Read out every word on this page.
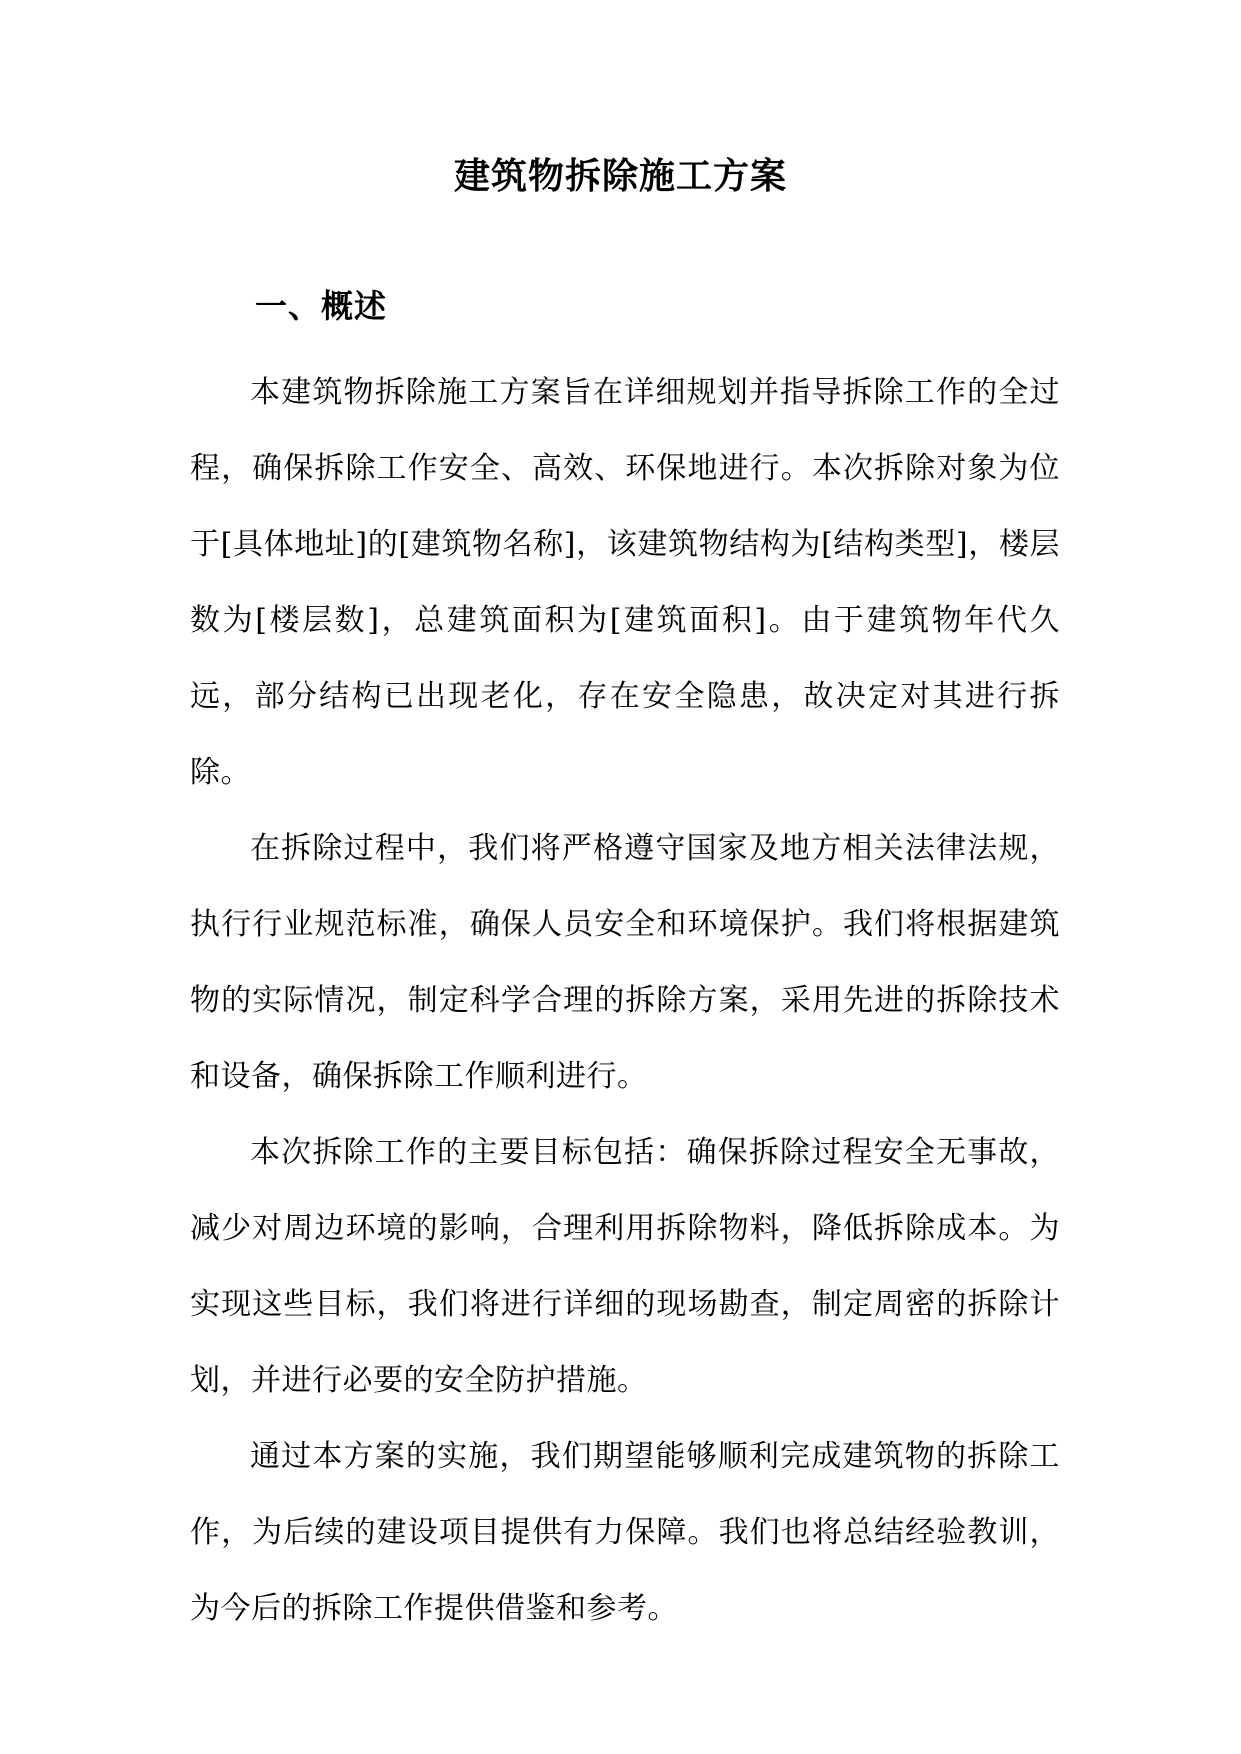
建筑物拆除施工方案
一、概述

本建筑物拆除施工方案旨在详细规划并指导拆除工作的全过程，确保拆除工作安全、高效、环保地进行。本次拆除对象为位于[具体地址]的[建筑物名称]，该建筑物结构为[结构类型]，楼层数为[楼层数]，总建筑面积为[建筑面积]。由于建筑物年代久远，部分结构已出现老化，存在安全隐患，故决定对其进行拆除。

在拆除过程中，我们将严格遵守国家及地方相关法律法规，执行行业规范标准，确保人员安全和环境保护。我们将根据建筑物的实际情况，制定科学合理的拆除方案，采用先进的拆除技术和设备，确保拆除工作顺利进行。

本次拆除工作的主要目标包括：确保拆除过程安全无事故，减少对周边环境的影响，合理利用拆除物料，降低拆除成本。为实现这些目标，我们将进行详细的现场勘查，制定周密的拆除计划，并进行必要的安全防护措施。

通过本方案的实施，我们期望能够顺利完成建筑物的拆除工作，为后续的建设项目提供有力保障。我们也将总结经验教训，为今后的拆除工作提供借鉴和参考。
